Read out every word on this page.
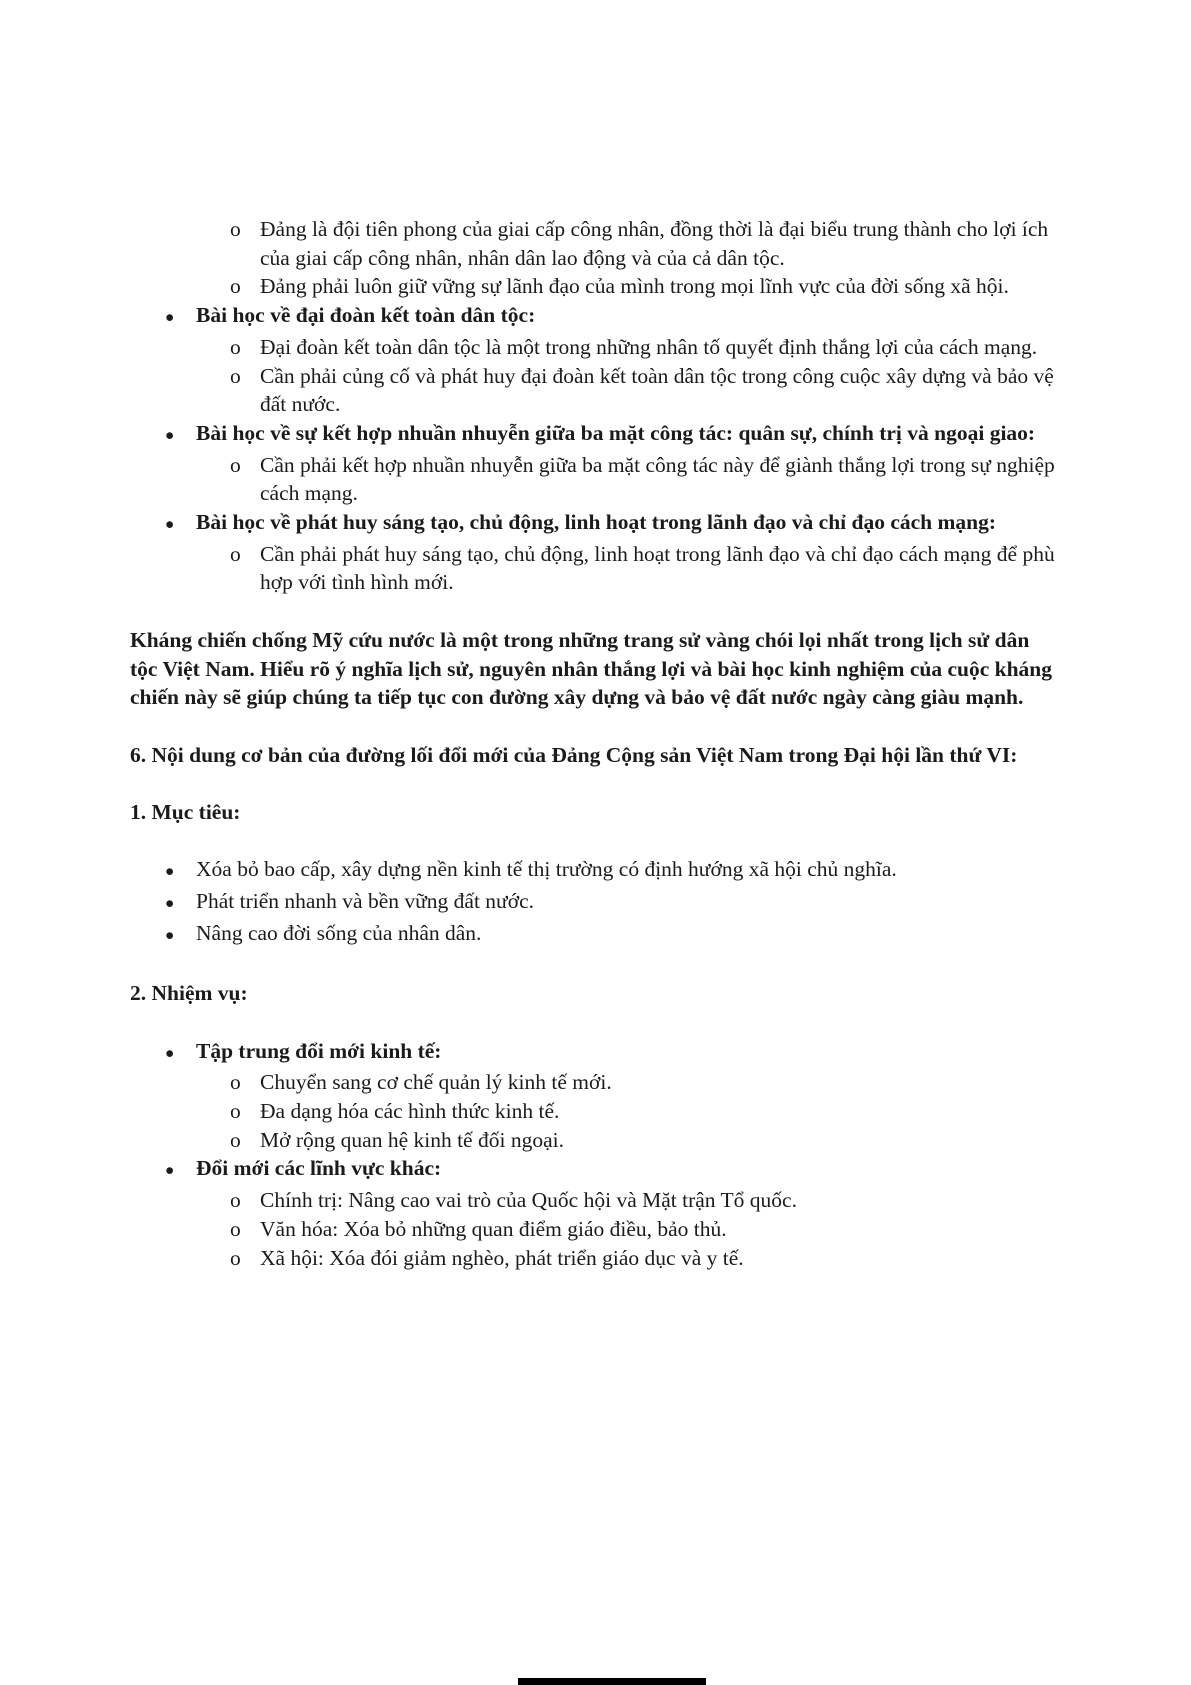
o Đảng là đội tiên phong của giai cấp công nhân, đồng thời là đại biểu trung thành cho lợi ích của giai cấp công nhân, nhân dân lao động và của cả dân tộc.
o Đảng phải luôn giữ vững sự lãnh đạo của mình trong mọi lĩnh vực của đời sống xã hội.
●	Bài học về đại đoàn kết toàn dân tộc:
o Đại đoàn kết toàn dân tộc là một trong những nhân tố quyết định thắng lợi của cách mạng.
o Cần phải củng cố và phát huy đại đoàn kết toàn dân tộc trong công cuộc xây dựng và bảo vệ đất nước.
●	Bài học về sự kết hợp nhuần nhuyễn giữa ba mặt công tác: quân sự, chính trị và ngoại giao:
o Cần phải kết hợp nhuần nhuyễn giữa ba mặt công tác này để giành thắng lợi trong sự nghiệp cách mạng.
●	Bài học về phát huy sáng tạo, chủ động, linh hoạt trong lãnh đạo và chỉ đạo cách mạng:
o Cần phải phát huy sáng tạo, chủ động, linh hoạt trong lãnh đạo và chỉ đạo cách mạng để phù hợp với tình hình mới.
Kháng chiến chống Mỹ cứu nước là một trong những trang sử vàng chói lọi nhất trong lịch sử dân tộc Việt Nam. Hiểu rõ ý nghĩa lịch sử, nguyên nhân thắng lợi và bài học kinh nghiệm của cuộc kháng chiến này sẽ giúp chúng ta tiếp tục con đường xây dựng và bảo vệ đất nước ngày càng giàu mạnh.
6. Nội dung cơ bản của đường lối đổi mới của Đảng Cộng sản Việt Nam trong Đại hội lần thứ VI:
1. Mục tiêu:
●	Xóa bỏ bao cấp, xây dựng nền kinh tế thị trường có định hướng xã hội chủ nghĩa.
●	Phát triển nhanh và bền vững đất nước.
●	Nâng cao đời sống của nhân dân.
2. Nhiệm vụ:
●	Tập trung đổi mới kinh tế:
o Chuyển sang cơ chế quản lý kinh tế mới.
o Đa dạng hóa các hình thức kinh tế.
o Mở rộng quan hệ kinh tế đối ngoại.
●	Đổi mới các lĩnh vực khác:
o Chính trị: Nâng cao vai trò của Quốc hội và Mặt trận Tổ quốc.
o Văn hóa: Xóa bỏ những quan điểm giáo điều, bảo thủ.
o Xã hội: Xóa đói giảm nghèo, phát triển giáo dục và y tế.
